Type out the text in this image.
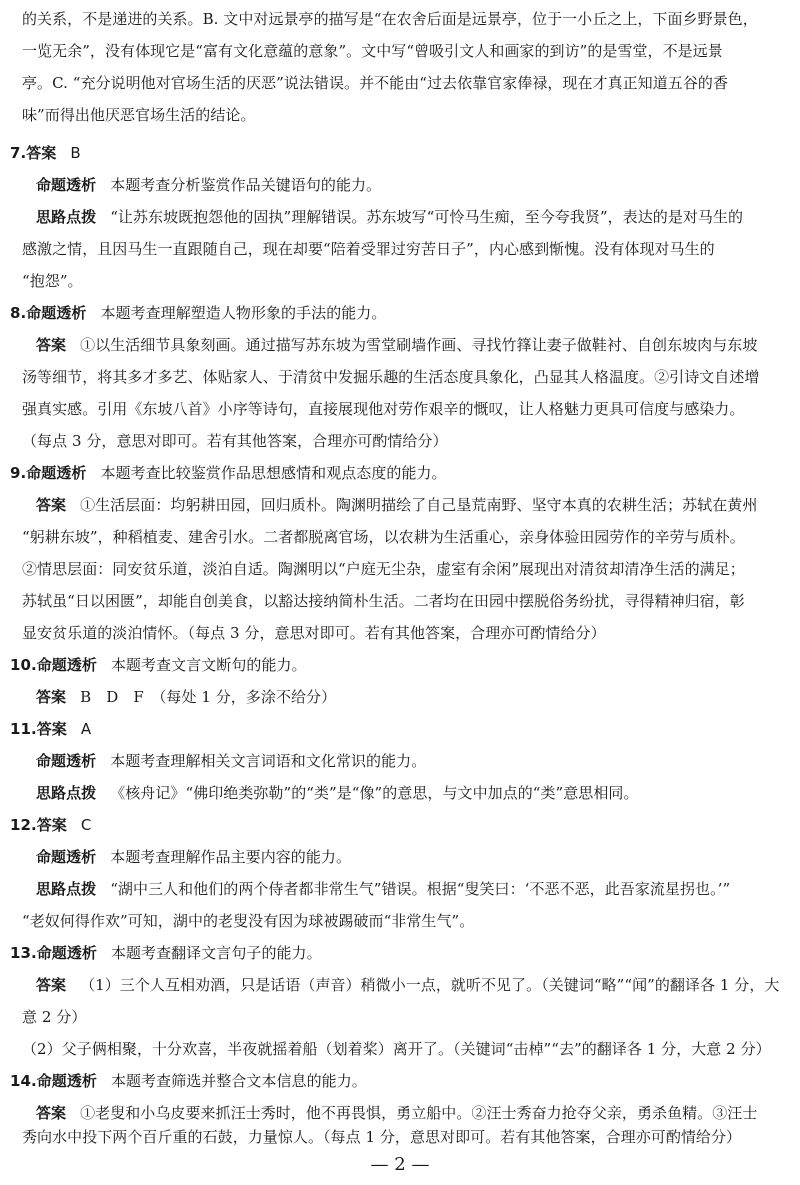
的关系，不是递进的关系。B. 文中对远景亭的描写是“在农舍后面是远景亭，位于一小丘之上，下面乡野景色，
一览无余”，没有体现它是“富有文化意蕴的意象”。文中写“曾吸引文人和画家的到访”的是雪堂，不是远景
亭。C. “充分说明他对官场生活的厌恶”说法错误。并不能由“过去依靠官家俸禄，现在才真正知道五谷的香
味”而得出他厌恶官场生活的结论。
7.答案 B
命题透析 本题考查分析鉴赏作品关键语句的能力。
思路点拨 “让苏东坡既抱怨他的固执”理解错误。苏东坡写“可怜马生痴，至今夸我贤”，表达的是对马生的
感激之情，且因马生一直跟随自己，现在却要“陪着受罪过穷苦日子”，内心感到惭愧。没有体现对马生的
“抱怨”。
8.命题透析 本题考查理解塑造人物形象的手法的能力。
答案 ①以生活细节具象刻画。通过描写苏东坡为雪堂刷墙作画、寻找竹箨让妻子做鞋衬、自创东坡肉与东坡
汤等细节，将其多才多艺、体贴家人、于清贫中发掘乐趣的生活态度具象化，凸显其人格温度。②引诗文自述增
强真实感。引用《东坡八首》小序等诗句，直接展现他对劳作艰辛的慨叹，让人格魅力更具可信度与感染力。
（每点 3 分，意思对即可。若有其他答案，合理亦可酌情给分）
9.命题透析 本题考查比较鉴赏作品思想感情和观点态度的能力。
答案 ①生活层面：均躬耕田园，回归质朴。陶渊明描绘了自己垦荒南野、坚守本真的农耕生活；苏轼在黄州
“躬耕东坡”，种稻植麦、建舍引水。二者都脱离官场，以农耕为生活重心，亲身体验田园劳作的辛劳与质朴。
②情思层面：同安贫乐道，淡泊自适。陶渊明以“户庭无尘杂，虚室有余闲”展现出对清贫却清净生活的满足；
苏轼虽“日以困匮”，却能自创美食，以豁达接纳简朴生活。二者均在田园中摆脱俗务纷扰，寻得精神归宿，彰
显安贫乐道的淡泊情怀。（每点 3 分，意思对即可。若有其他答案，合理亦可酌情给分）
10.命题透析 本题考查文言文断句的能力。
答案 B　D　F　（每处 1 分，多涂不给分）
11.答案 A
命题透析 本题考查理解相关文言词语和文化常识的能力。
思路点拨 《核舟记》“佛印绝类弥勒”的“类”是“像”的意思，与文中加点的“类”意思相同。
12.答案 C
命题透析 本题考查理解作品主要内容的能力。
思路点拨 “湖中三人和他们的两个侍者都非常生气”错误。根据“叟笑曰：‘不恶不恶，此吾家流星拐也。’”
“老奴何得作欢”可知，湖中的老叟没有因为球被踢破而“非常生气”。
13.命题透析 本题考查翻译文言句子的能力。
答案 （1）三个人互相劝酒，只是话语（声音）稍微小一点，就听不见了。（关键词“略”“闻”的翻译各 1 分，大
意 2 分）
（2）父子俩相聚，十分欢喜，半夜就摇着船（划着桨）离开了。（关键词“击棹”“去”的翻译各 1 分，大意 2 分）
14.命题透析 本题考查筛选并整合文本信息的能力。
答案 ①老叟和小乌皮要来抓汪士秀时，他不再畏惧，勇立船中。②汪士秀奋力抢夺父亲，勇杀鱼精。③汪士
秀向水中投下两个百斤重的石鼓，力量惊人。（每点 1 分，意思对即可。若有其他答案，合理亦可酌情给分）
— 2 —
